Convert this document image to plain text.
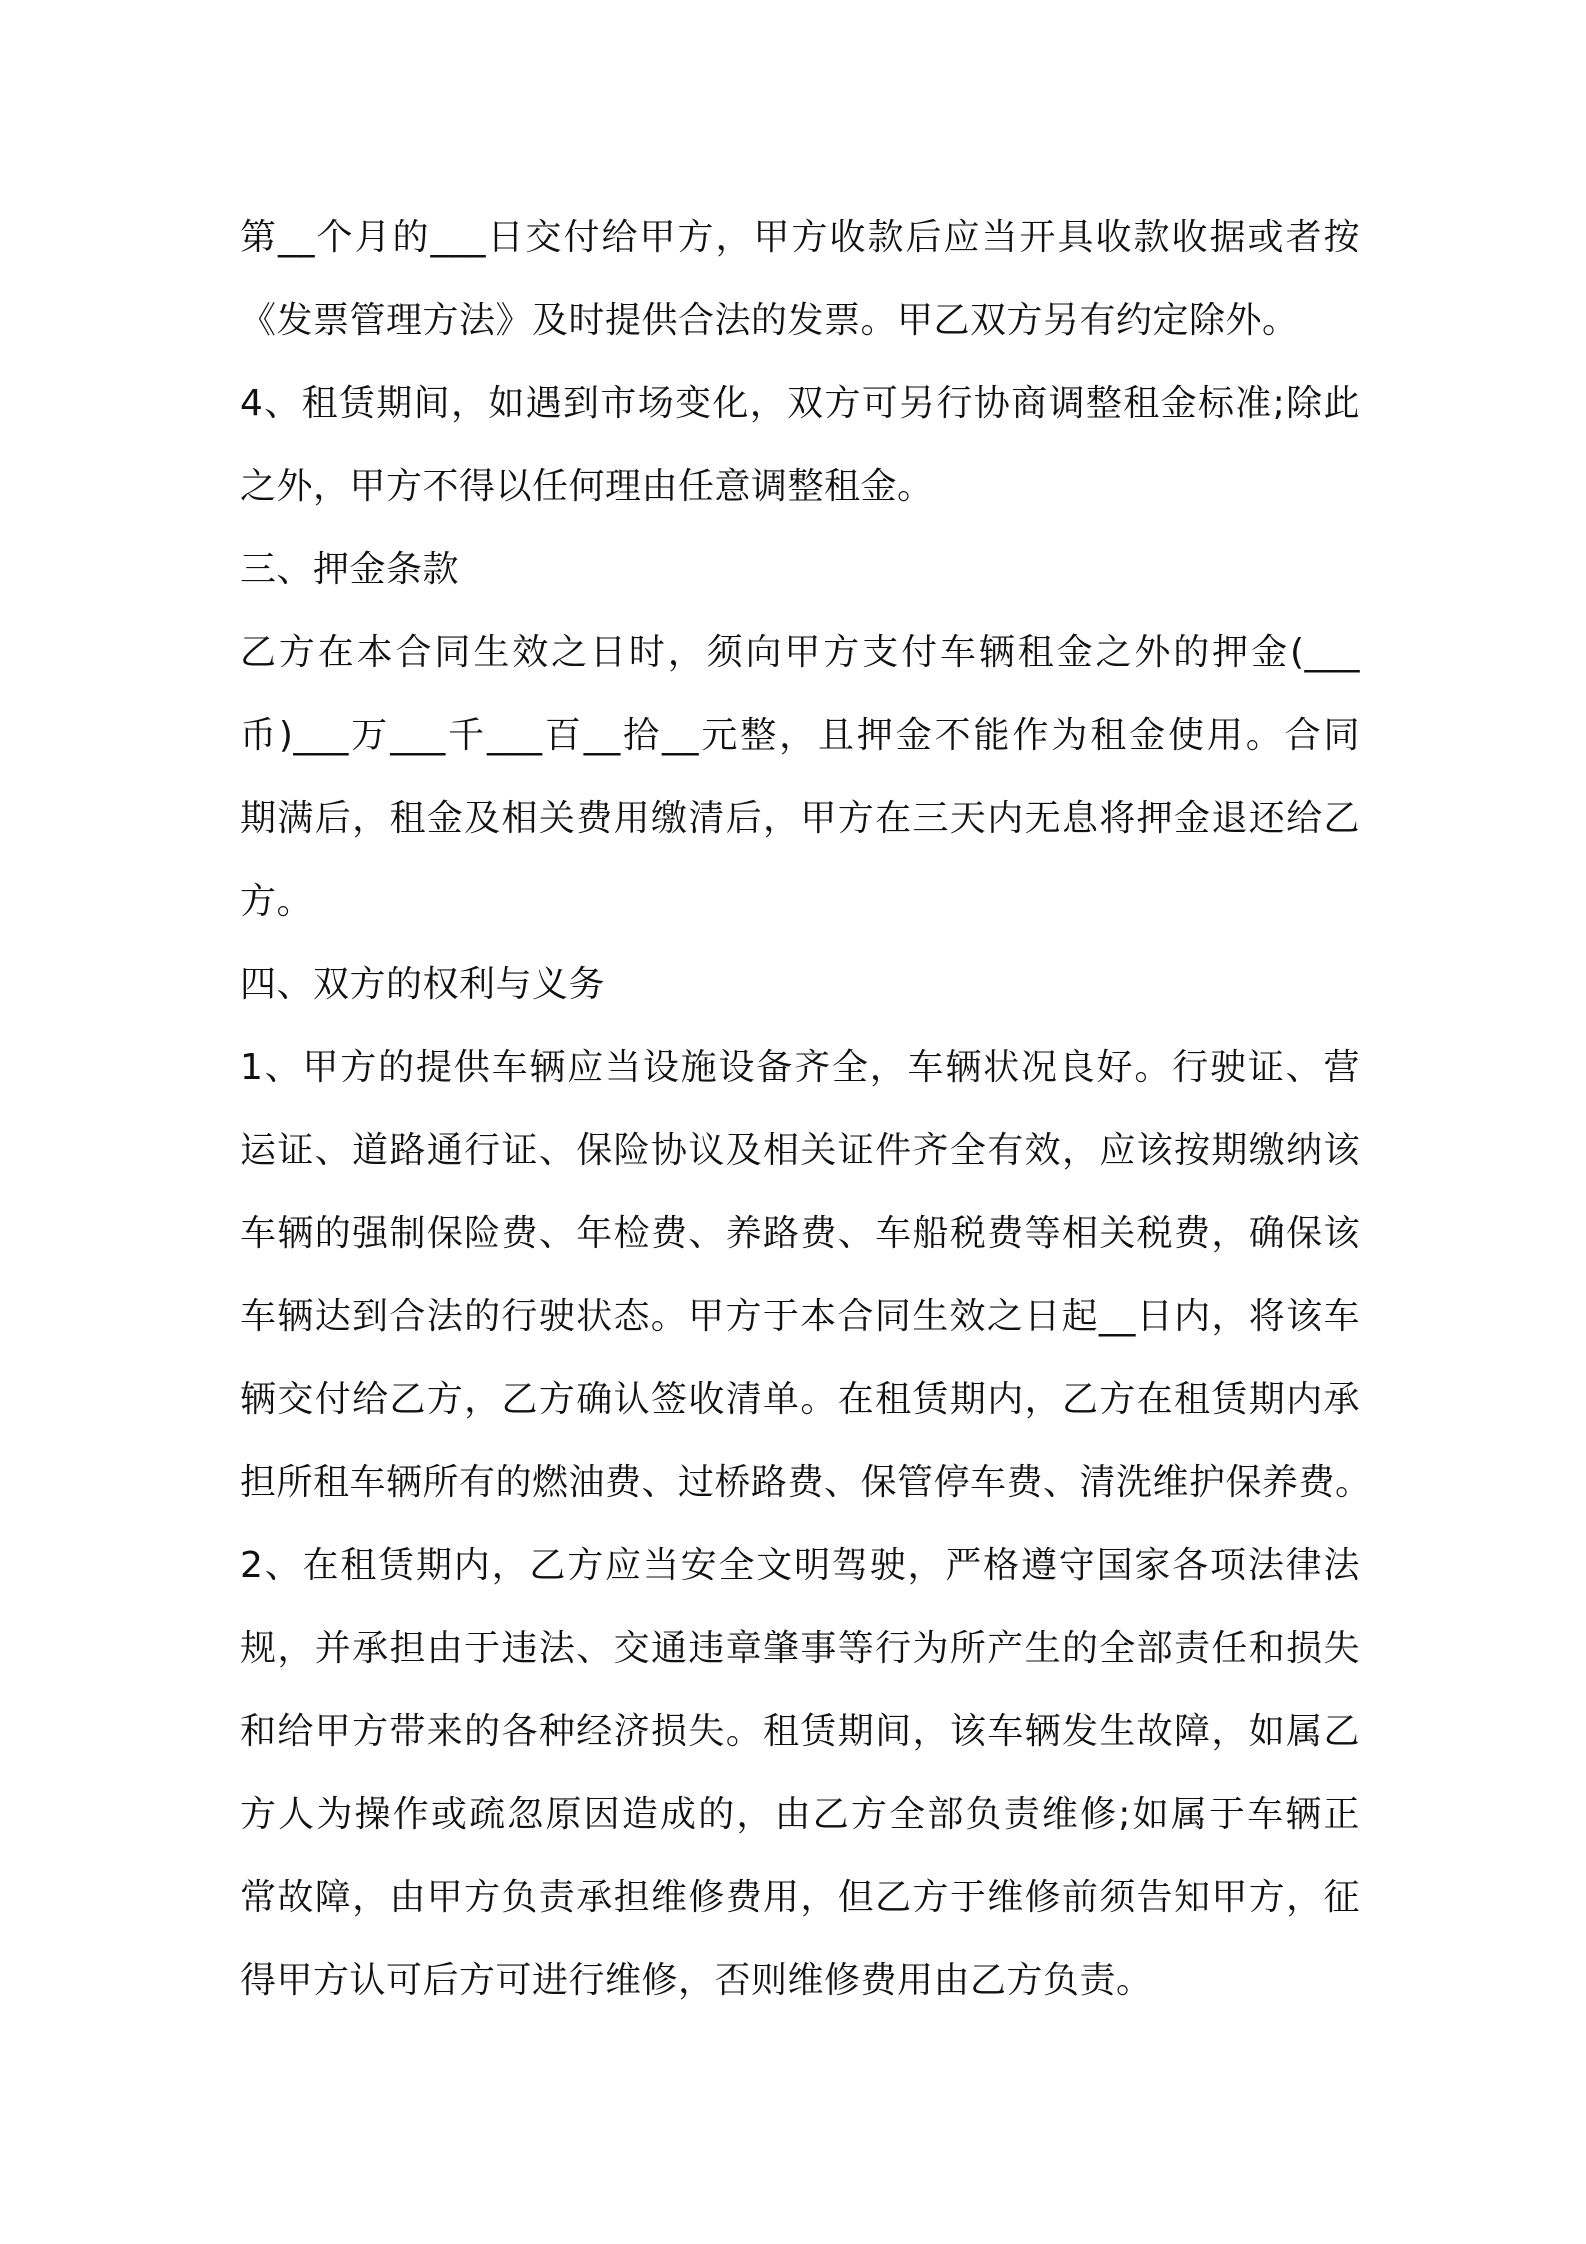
第__个月的___日交付给甲方，甲方收款后应当开具收款收据或者按
《发票管理方法》及时提供合法的发票。甲乙双方另有约定除外。
4、租赁期间，如遇到市场变化，双方可另行协商调整租金标准;除此
之外，甲方不得以任何理由任意调整租金。
三、押金条款
乙方在本合同生效之日时，须向甲方支付车辆租金之外的押金(___
币)___万___千___百__拾__元整，且押金不能作为租金使用。合同
期满后，租金及相关费用缴清后，甲方在三天内无息将押金退还给乙
方。
四、双方的权利与义务
1、甲方的提供车辆应当设施设备齐全，车辆状况良好。行驶证、营
运证、道路通行证、保险协议及相关证件齐全有效，应该按期缴纳该
车辆的强制保险费、年检费、养路费、车船税费等相关税费，确保该
车辆达到合法的行驶状态。甲方于本合同生效之日起__日内，将该车
辆交付给乙方，乙方确认签收清单。在租赁期内，乙方在租赁期内承
担所租车辆所有的燃油费、过桥路费、保管停车费、清洗维护保养费。
2、在租赁期内，乙方应当安全文明驾驶，严格遵守国家各项法律法
规，并承担由于违法、交通违章肇事等行为所产生的全部责任和损失
和给甲方带来的各种经济损失。租赁期间，该车辆发生故障，如属乙
方人为操作或疏忽原因造成的，由乙方全部负责维修;如属于车辆正
常故障，由甲方负责承担维修费用，但乙方于维修前须告知甲方，征
得甲方认可后方可进行维修，否则维修费用由乙方负责。
